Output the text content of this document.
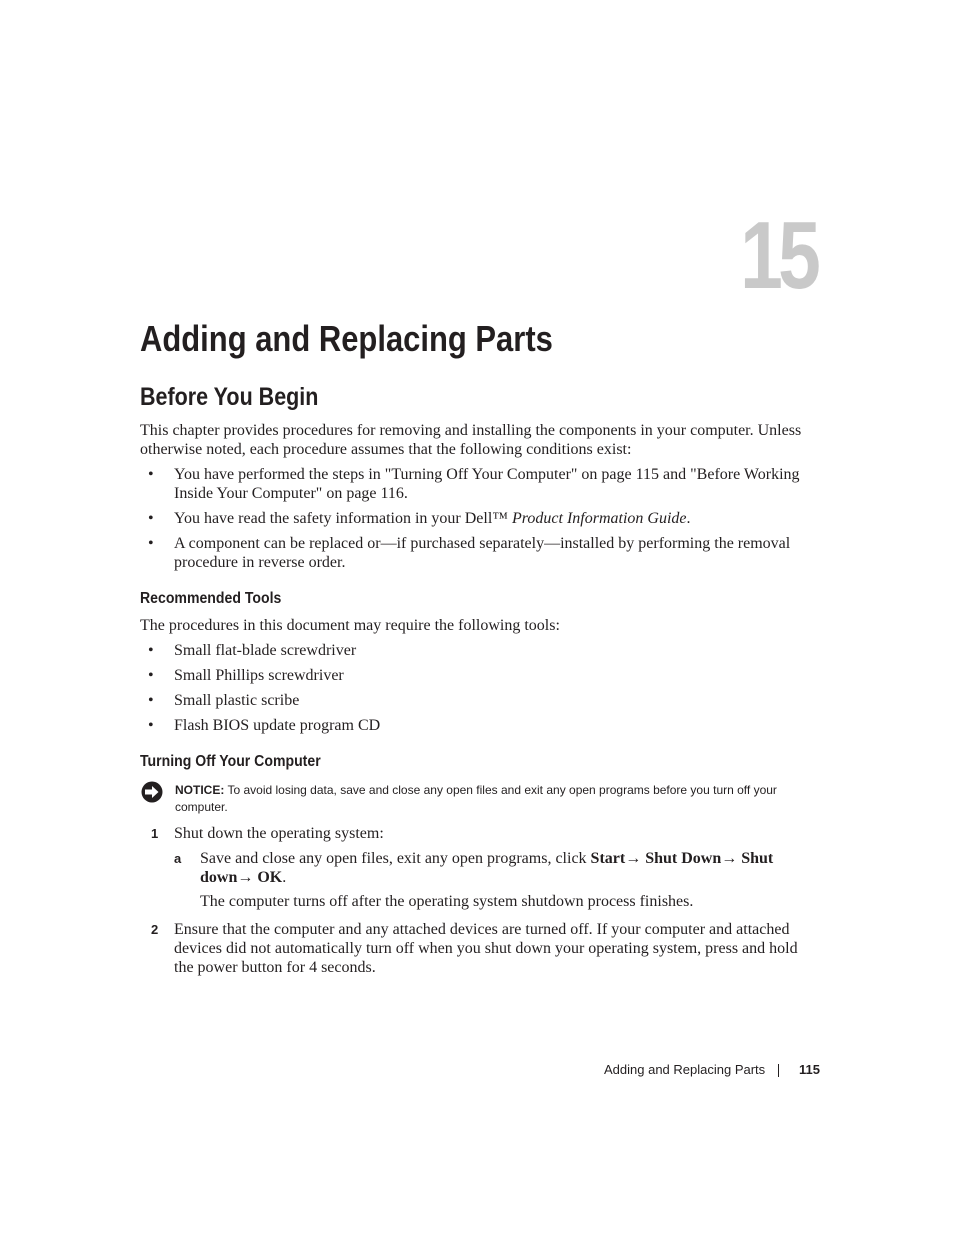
15
Adding and Replacing Parts
Before You Begin

This chapter provides procedures for removing and installing the components in your computer. Unless otherwise noted, each procedure assumes that the following conditions exist:

• You have performed the steps in "Turning Off Your Computer" on page 115 and "Before Working Inside Your Computer" on page 116.

• You have read the safety information in your Dell™ Product Information Guide.

• A component can be replaced or—if purchased separately—installed by performing the removal procedure in reverse order.

Recommended Tools

The procedures in this document may require the following tools:

• Small flat-blade screwdriver

• Small Phillips screwdriver

• Small plastic scribe

• Flash BIOS update program CD

Turning Off Your Computer

NOTICE: To avoid losing data, save and close any open files and exit any open programs before you turn off your computer.

1 Shut down the operating system:

a Save and close any open files, exit any open programs, click Start→ Shut Down→ Shut down→ OK.

The computer turns off after the operating system shutdown process finishes.

2 Ensure that the computer and any attached devices are turned off. If your computer and attached devices did not automatically turn off when you shut down your operating system, press and hold the power button for 4 seconds.

Adding and Replacing Parts	115
